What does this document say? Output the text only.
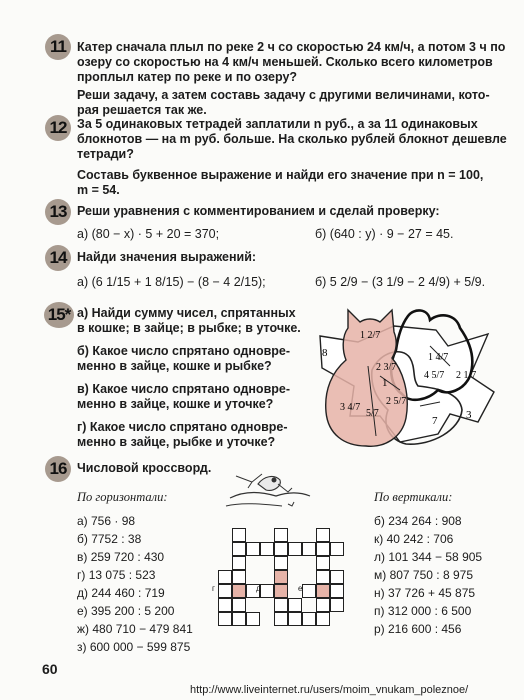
11 Катер сначала плыл по реке 2 ч со скоростью 24 км/ч, а потом 3 ч по
озеру со скоростью на 4 км/ч меньшей. Сколько всего километров
проплыл катер по реке и по озеру?
Реши задачу, а затем составь задачу с другими величинами, кото-
рая решается так же.
12 За 5 одинаковых тетрадей заплатили n руб., а за 11 одинаковых
блокнотов — на m руб. больше. На сколько рублей блокнот дешевле
тетради?
Составь буквенное выражение и найди его значение при n = 100,
m = 54.
13 Реши уравнения с комментированием и сделай проверку:
а) (80 − x) · 5 + 20 = 370;	б) (640 : y) · 9 − 27 = 45.
14 Найди значения выражений:
а) (6 1/15 + 1 8/15) − (8 − 4 2/15);	б) 5 2/9 − (3 1/9 − 2 4/9) + 5/9.
15* а) Найди сумму чисел, спрятанных
в кошке; в зайце; в рыбке; в уточке.
б) Какое число спрятано одновре-
менно в зайце, кошке и рыбке?
в) Какое число спрятано одновре-
менно в зайце, кошке и уточке?
г) Какое число спрятано одновре-
менно в зайце, рыбке и уточке?
8
1 2/7
2 3/7
1
3 4/7
2 5/7
5/7
4 5/7 2 1/7
1 4/7
7	3
16 Числовой кроссворд.
По горизонтали:	По вертикали:
а) 756 · 98
б) 7752 : 38
в) 259 720 : 430
г) 13 075 : 523
д) 244 460 : 719
е) 395 200 : 5 200
ж) 480 710 − 479 841
з) 600 000 − 599 875
б) 234 264 : 908
к) 40 242 : 706
л) 101 344 − 58 905
м) 807 750 : 8 975
н) 37 726 + 45 875
п) 312 000 : 6 500
р) 216 600 : 456
г	д	е
60
http://www.liveinternet.ru/users/moim_vnukam_poleznoe/
